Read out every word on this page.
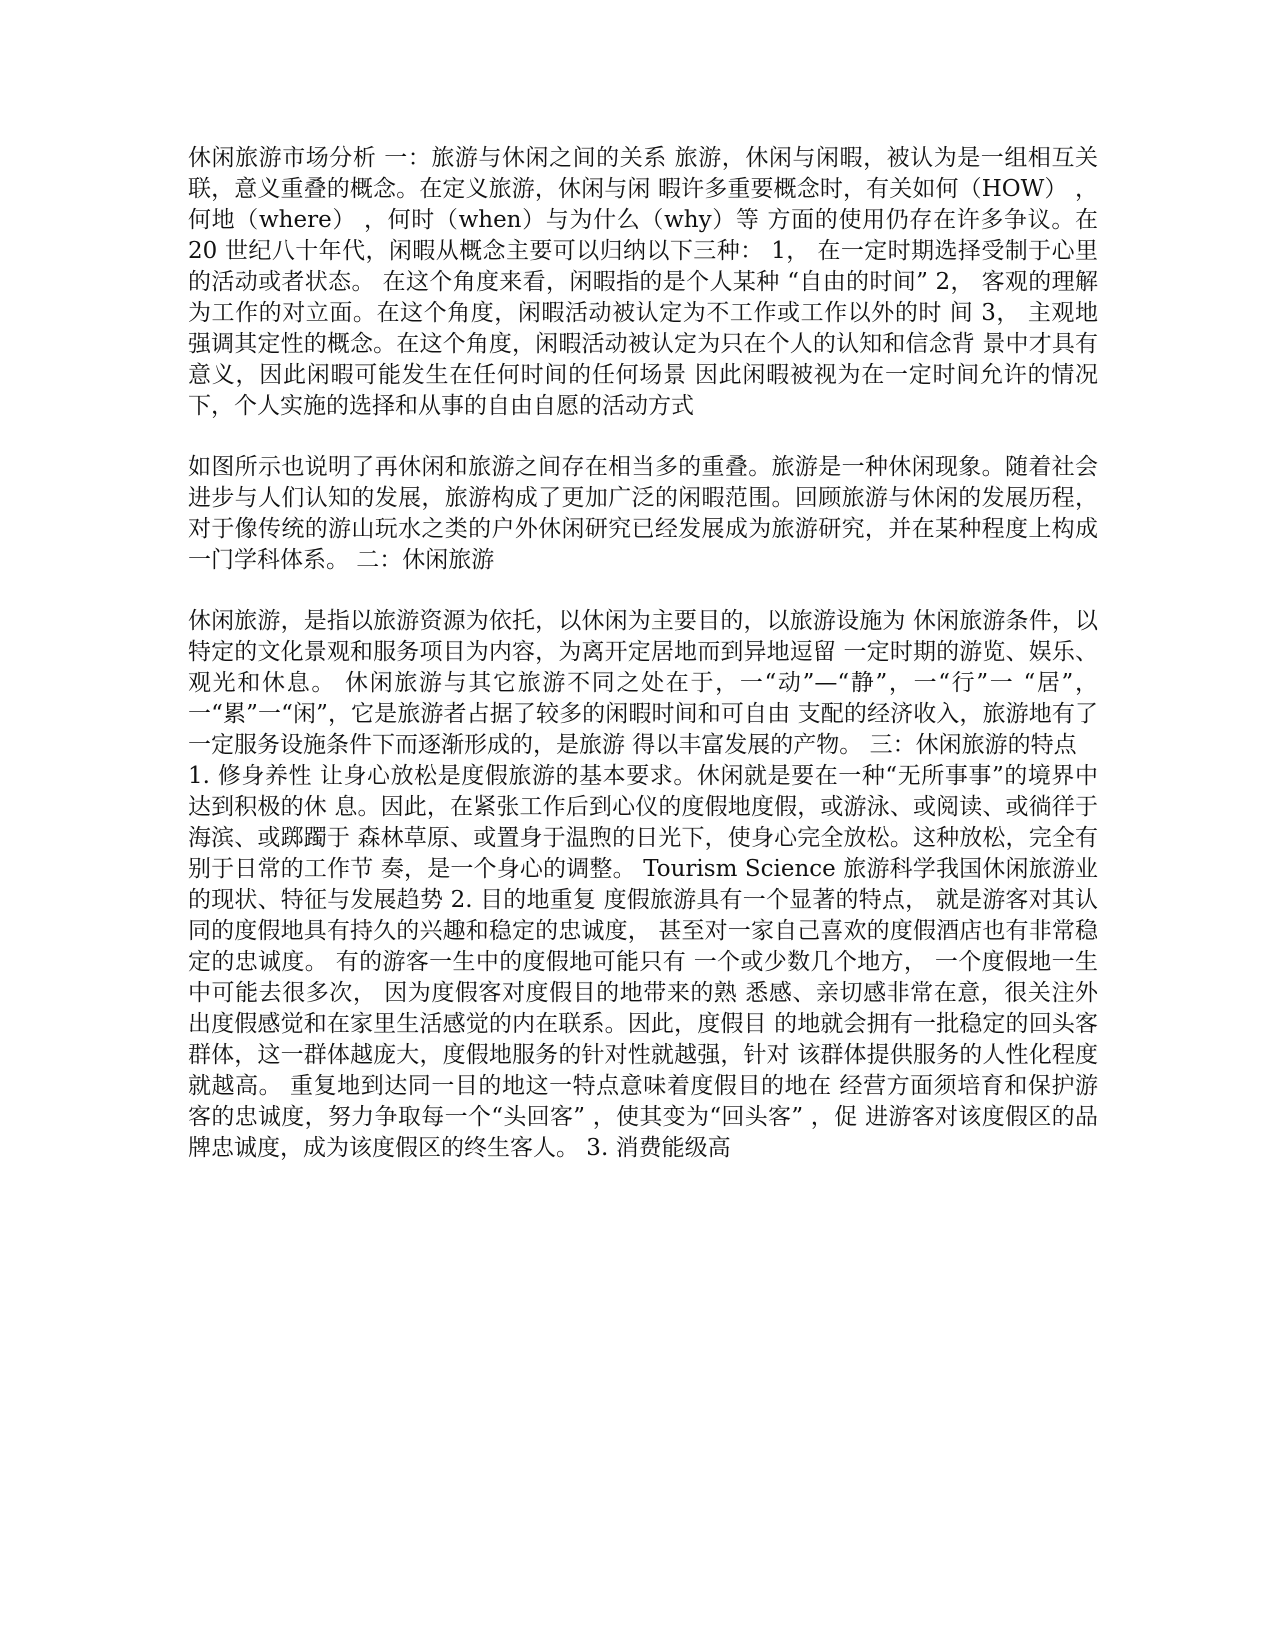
休闲旅游市场分析 一：旅游与休闲之间的关系 旅游，休闲与闲暇，被认为是一组相互关联，意义重叠的概念。在定义旅游，休闲与闲 暇许多重要概念时，有关如何（HOW） ，何地（where） ，何时（when）与为什么（why）等 方面的使用仍存在许多争议。在 20 世纪八十年代，闲暇从概念主要可以归纳以下三种： 1， 在一定时期选择受制于心里的活动或者状态。 在这个角度来看，闲暇指的是个人某种 “自由的时间” 2， 客观的理解为工作的对立面。在这个角度，闲暇活动被认定为不工作或工作以外的时 间 3， 主观地强调其定性的概念。在这个角度，闲暇活动被认定为只在个人的认知和信念背 景中才具有意义，因此闲暇可能发生在任何时间的任何场景 因此闲暇被视为在一定时间允许的情况下，个人实施的选择和从事的自由自愿的活动方式

如图所示也说明了再休闲和旅游之间存在相当多的重叠。旅游是一种休闲现象。随着社会 进步与人们认知的发展，旅游构成了更加广泛的闲暇范围。回顾旅游与休闲的发展历程， 对于像传统的游山玩水之类的户外休闲研究已经发展成为旅游研究，并在某种程度上构成 一门学科体系。 二：休闲旅游

休闲旅游，是指以旅游资源为依托，以休闲为主要目的，以旅游设施为 休闲旅游条件，以特定的文化景观和服务项目为内容，为离开定居地而到异地逗留 一定时期的游览、娱乐、观光和休息。 休闲旅游与其它旅游不同之处在于，一“动”—“静”，一“行”一 “居”，一“累”一“闲”，它是旅游者占据了较多的闲暇时间和可自由 支配的经济收入，旅游地有了一定服务设施条件下而逐渐形成的，是旅游 得以丰富发展的产物。 三：休闲旅游的特点

1. 修身养性 让身心放松是度假旅游的基本要求。休闲就是要在一种“无所事事”的境界中达到积极的休 息。因此，在紧张工作后到心仪的度假地度假，或游泳、或阅读、或徜徉于海滨、或踯躅于 森林草原、或置身于温煦的日光下，使身心完全放松。这种放松，完全有别于日常的工作节 奏，是一个身心的调整。 Tourism Science 旅游科学我国休闲旅游业的现状、特征与发展趋势 2. 目的地重复 度假旅游具有一个显著的特点， 就是游客对其认同的度假地具有持久的兴趣和稳定的忠诚度， 甚至对一家自己喜欢的度假酒店也有非常稳定的忠诚度。 有的游客一生中的度假地可能只有 一个或少数几个地方， 一个度假地一生中可能去很多次， 因为度假客对度假目的地带来的熟 悉感、亲切感非常在意，很关注外出度假感觉和在家里生活感觉的内在联系。因此，度假目 的地就会拥有一批稳定的回头客群体，这一群体越庞大，度假地服务的针对性就越强，针对 该群体提供服务的人性化程度就越高。 重复地到达同一目的地这一特点意味着度假目的地在 经营方面须培育和保护游客的忠诚度，努力争取每一个“头回客” ，使其变为“回头客” ，促 进游客对该度假区的品牌忠诚度，成为该度假区的终生客人。 3. 消费能级高
